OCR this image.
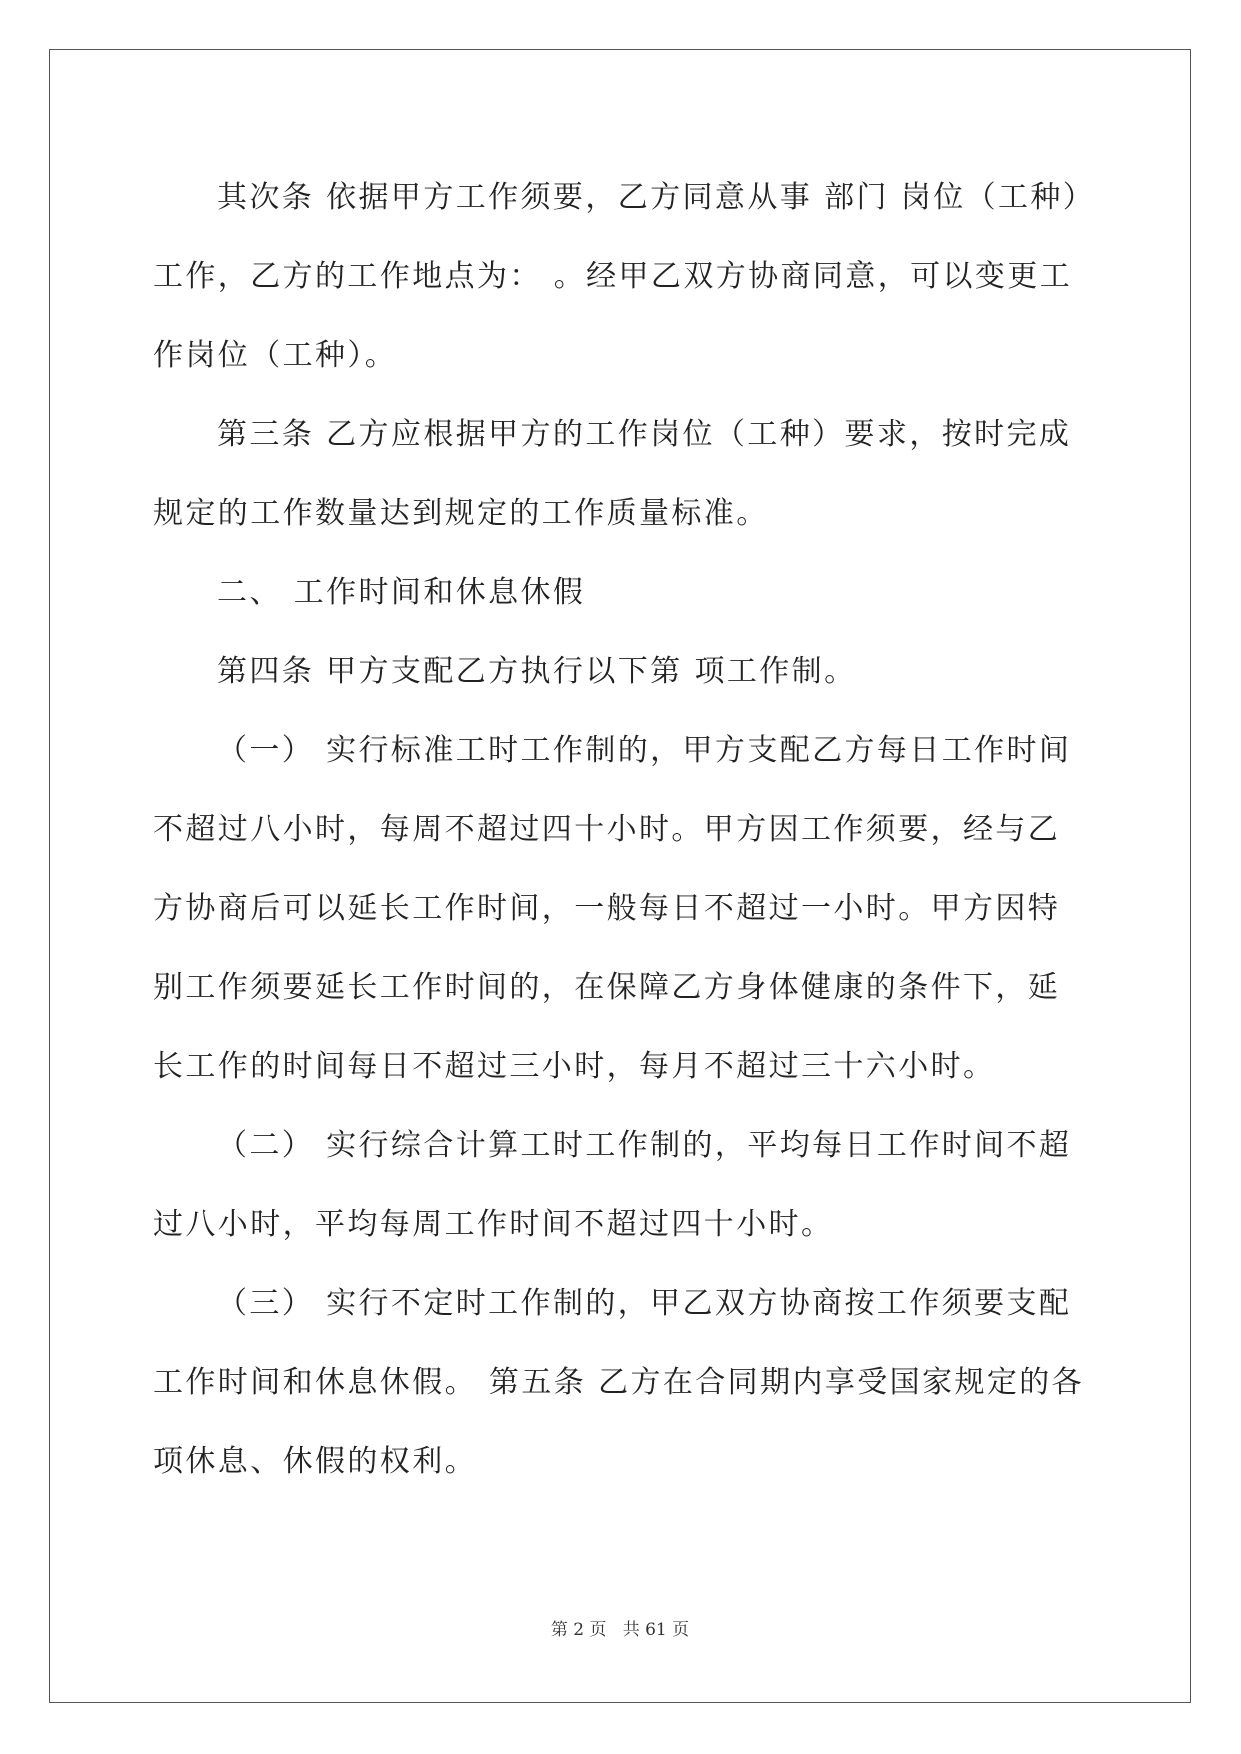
其次条 依据甲方工作须要，乙方同意从事 部门 岗位（工种）工作，乙方的工作地点为： 。经甲乙双方协商同意，可以变更工作岗位（工种）。

第三条 乙方应根据甲方的工作岗位（工种）要求，按时完成规定的工作数量达到规定的工作质量标准。

二、 工作时间和休息休假

第四条 甲方支配乙方执行以下第 项工作制。

（一） 实行标准工时工作制的，甲方支配乙方每日工作时间不超过八小时，每周不超过四十小时。甲方因工作须要，经与乙方协商后可以延长工作时间，一般每日不超过一小时。甲方因特别工作须要延长工作时间的，在保障乙方身体健康的条件下，延长工作的时间每日不超过三小时，每月不超过三十六小时。

（二） 实行综合计算工时工作制的，平均每日工作时间不超过八小时，平均每周工作时间不超过四十小时。

（三） 实行不定时工作制的，甲乙双方协商按工作须要支配工作时间和休息休假。 第五条 乙方在合同期内享受国家规定的各项休息、休假的权利。

第 2 页   共 61 页
